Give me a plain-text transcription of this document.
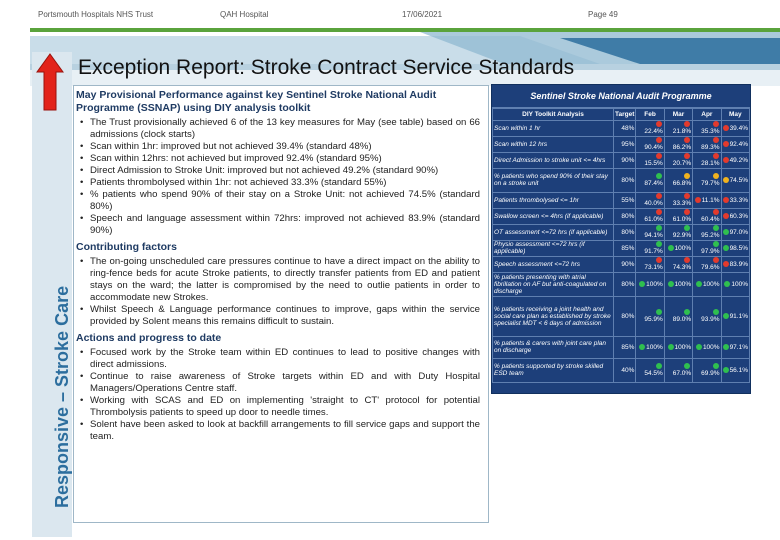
Portsmouth Hospitals NHS Trust	QAH Hospital	17/06/2021	Page 49
Responsive – Stroke Care
Exception Report: Stroke Contract Service Standards
May Provisional Performance against key Sentinel Stroke National Audit Programme (SSNAP) using DIY analysis toolkit
• The Trust provisionally achieved 6 of the 13 key measures for May (see table) based on 66 admissions (clock starts)
• Scan within 1hr: improved but not achieved 39.4% (standard 48%)
• Scan within 12hrs: not achieved but improved 92.4% (standard 95%)
• Direct Admission to Stroke Unit: improved but not achieved 49.2% (standard 90%)
• Patients thrombolysed within 1hr: not achieved 33.3% (standard 55%)
• % patients who spend 90% of their stay on a Stroke Unit: not achieved 74.5% (standard 80%)
• Speech and language assessment within 72hrs: improved not achieved 83.9% (standard 90%)
Contributing factors
• The on-going unscheduled care pressures continue to have a direct impact on the ability to ring-fence beds for acute Stroke patients, to directly transfer patients from ED and patient stays on the ward; the latter is compromised by the need to outlie patients in order to accommodate new Strokes.
• Whilst Speech & Language performance continues to improve, gaps within the service provided by Solent means this remains difficult to sustain.
Actions and progress to date
• Focused work by the Stroke team within ED continues to lead to positive changes with direct admissions.
• Continue to raise awareness of Stroke targets within ED and with Duty Hospital Managers/Operations Centre staff.
• Working with SCAS and ED on implementing 'straight to CT' protocol for potential Thrombolysis patients to speed up door to needle times.
• Solent have been asked to look at backfill arrangements to fill service gaps and support the team.
Sentinel Stroke National Audit Programme
DIY Toolkit Analysis	Target	Feb	Mar	Apr	May
Scan within 1 hr	48%	22.4%	21.8%	35.3%	39.4%
Scan within 12 hrs	95%	90.4%	86.2%	89.3%	92.4%
Direct Admission to stroke unit <= 4hrs	90%	15.5%	20.7%	28.1%	49.2%
% patients who spend 90% of their stay on a stroke unit	80%	87.4%	66.8%	79.7%	74.5%
Patients thrombolysed <= 1hr	55%	40.0%	33.3%	11.1%	33.3%
Swallow screen <= 4hrs (if applicable)	80%	61.0%	61.0%	60.4%	60.3%
OT assessment <=72 hrs (if applicable)	80%	94.1%	92.9%	95.2%	97.0%
Physio assessment <=72 hrs (if applicable)	85%	91.7%	100%	97.9%	98.5%
Speech assessment <=72 hrs	90%	73.1%	74.3%	79.6%	83.9%
% patients presenting with atrial fibrillation on AF but anti-coagulated on discharge	80%	100%	100%	100%	100%
% patients receiving a joint health and social care plan as established by stroke specialist MDT < 6 days of admission	80%	95.9%	89.0%	93.9%	91.1%
% patients & carers with joint care plan on discharge	85%	100%	100%	100%	97.1%
% patients supported by stroke skilled ESD team	40%	54.5%	67.0%	69.9%	56.1%
